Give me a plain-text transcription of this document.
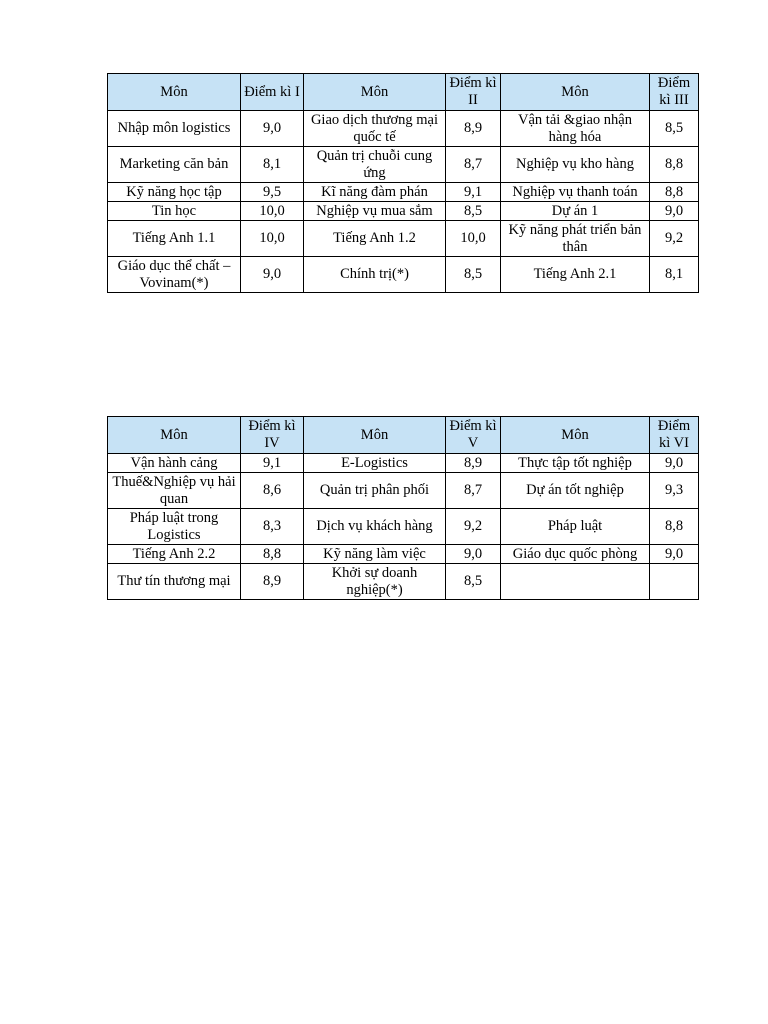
Môn	Điểm kì I	Môn	Điểm kì II	Môn	Điểm kì III
Nhập môn logistics	9,0	Giao dịch thương mại quốc tế	8,9	Vận tải &giao nhận hàng hóa	8,5
Marketing căn bản	8,1	Quản trị chuỗi cung ứng	8,7	Nghiệp vụ kho hàng	8,8
Kỹ năng học tập	9,5	Kĩ năng đàm phán	9,1	Nghiệp vụ thanh toán	8,8
Tin học	10,0	Nghiệp vụ mua sắm	8,5	Dự án 1	9,0
Tiếng Anh 1.1	10,0	Tiếng Anh 1.2	10,0	Kỹ năng phát triển bản thân	9,2
Giáo dục thể chất – Vovinam(*)	9,0	Chính trị(*)	8,5	Tiếng Anh 2.1	8,1
Môn	Điểm kì IV	Môn	Điểm kì V	Môn	Điểm kì VI
Vận hành cảng	9,1	E-Logistics	8,9	Thực tập tốt nghiệp	9,0
Thuế&Nghiệp vụ hải quan	8,6	Quản trị phân phối	8,7	Dự án tốt nghiệp	9,3
Pháp luật trong Logistics	8,3	Dịch vụ khách hàng	9,2	Pháp luật	8,8
Tiếng Anh 2.2	8,8	Kỹ năng làm việc	9,0	Giáo dục quốc phòng	9,0
Thư tín thương mại	8,9	Khởi sự doanh nghiệp(*)	8,5		
